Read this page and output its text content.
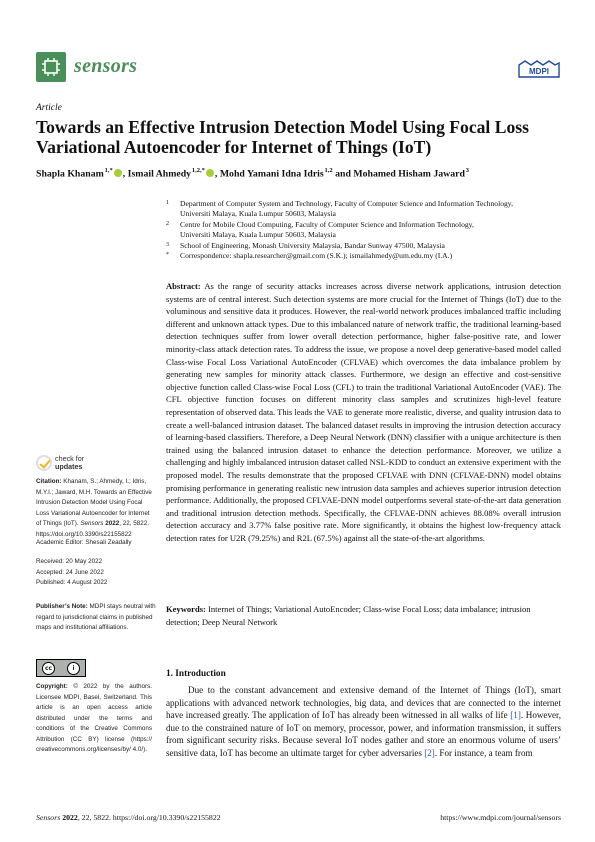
sensors	MDPI
Article
Towards an Effective Intrusion Detection Model Using Focal Loss Variational Autoencoder for Internet of Things (IoT)
Shapla Khanam $^{1,*}$ , Ismail Ahmedy $^{1,2,*}$ , Mohd Yamani Idna Idris $^{1,2}$ and Mohamed Hisham Jaward $^3$
1 Department of Computer System and Technology, Faculty of Computer Science and Information Technology,
Universiti Malaya, Kuala Lumpur 50603, Malaysia
2 Centre for Mobile Cloud Computing, Faculty of Computer Science and Information Technology,
Universiti Malaya, Kuala Lumpur 50603, Malaysia
3 School of Engineering, Monash University Malaysia, Bandar Sunway 47500, Malaysia
* Correspondence: shapla.researcher@gmail.com (S.K.); ismailahmedy@um.edu.my (I.A.)

Abstract: As the range of security attacks increases across diverse network applications, intrusion detection systems are of central interest. Such detection systems are more crucial for the Internet of Things (IoT) due to the voluminous and sensitive data it produces. However, the real-world network produces imbalanced traffic including different and unknown attack types. Due to this imbalanced nature of network traffic, the traditional learning-based detection techniques suffer from lower overall detection performance, higher false-positive rate, and lower minority-class attack detection rates. To address the issue, we propose a novel deep generative-based model called Class-wise Focal Loss Variational AutoEncoder (CFLVAE) which overcomes the data imbalance problem by generating new samples for minority attack classes. Furthermore, we design an effective and cost-sensitive objective function called Class-wise Focal Loss (CFL) to train the traditional Variational AutoEncoder (VAE). The CFL objective function focuses on different minority class samples and scrutinizes high-level feature representation of observed data. This leads the VAE to generate more realistic, diverse, and quality intrusion data to create a well-balanced intrusion dataset. The balanced dataset results in improving the intrusion detection accuracy of learning-based classifiers. Therefore, a Deep Neural Network (DNN) classifier with a unique architecture is then trained using the balanced intrusion dataset to enhance the detection performance. Moreover, we utilize a challenging and highly imbalanced intrusion dataset called NSL-KDD to conduct an extensive experiment with the proposed model. The results demonstrate that the proposed CFLVAE with DNN (CFLVAE-DNN) model obtains promising performance in generating realistic new intrusion data samples and achieves superior intrusion detection performance. Additionally, the proposed CFLVAE-DNN model outperforms several state-of-the-art data generation and traditional intrusion detection methods. Specifically, the CFLVAE-DNN achieves 88.08% overall intrusion detection accuracy and 3.77% false positive rate. More significantly, it obtains the highest low-frequency attack detection rates for U2R (79.25%) and R2L (67.5%) against all the state-of-the-art algorithms.

Keywords: Internet of Things; Variational AutoEncoder; Class-wise Focal Loss; data imbalance; intrusion detection; Deep Neural Network

check for
updates
Citation: Khanam, S.; Ahmedy, I.; Idris, M.Y.I.; Jaward, M.H. Towards an Effective Intrusion Detection Model Using Focal Loss Variational Autoencoder for Internet of Things (IoT). Sensors 2022, 22, 5822. https://doi.org/10.3390/s22155822
Academic Editor: Shesali Zeadally
Received: 20 May 2022
Accepted: 24 June 2022
Published: 4 August 2022
Publisher’s Note: MDPI stays neutral with regard to jurisdictional claims in published maps and institutional affiliations.
cc	i
Copyright: © 2022 by the authors. Licensee MDPI, Basel, Switzerland. This article is an open access article distributed under the terms and conditions of the Creative Commons Attribution (CC BY) license (https:// creativecommons.org/licenses/by/ 4.0/).
1. Introduction

Due to the constant advancement and extensive demand of the Internet of Things (IoT), smart applications with advanced network technologies, big data, and devices that are connected to the internet have increased greatly. The application of IoT has already been witnessed in all walks of life [1]. However, due to the constrained nature of IoT on memory, processor, power, and information transmission, it suffers from significant security risks. Because several IoT nodes gather and store an enormous volume of users’ sensitive data, IoT has become an ultimate target for cyber adversaries [2]. For instance, a team from

Sensors 2022, 22, 5822. https://doi.org/10.3390/s22155822	https://www.mdpi.com/journal/sensors
